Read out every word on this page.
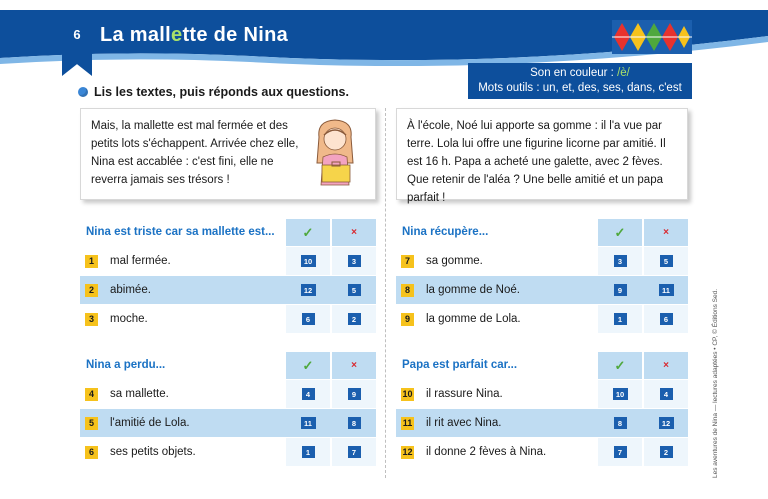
6 La mallette de Nina
Son en couleur : /è/
Mots outils : un, et, des, ses, dans, c'est
Lis les textes, puis réponds aux questions.
Mais, la mallette est mal fermée et des petits lots s'échappent. Arrivée chez elle, Nina est accablée : c'est fini, elle ne reverra jamais ses trésors !
À l'école, Noé lui apporte sa gomme : il l'a vue par terre. Lola lui offre une figurine licorne par amitié. Il est 16 h. Papa a acheté une galette, avec 2 fèves. Que retenir de l'aléa ? Une belle amitié et un papa parfait !
Nina est triste car sa mallette est...	✓	×
1	mal fermée.	10	3
2	abimée.	12	5
3	moche.	6	2
Nina récupère...	✓	×
7	sa gomme.	3	5
8	la gomme de Noé.	9	11
9	la gomme de Lola.	1	6
Nina a perdu...	✓	×
4	sa mallette.	4	9
5	l'amitié de Lola.	11	8
6	ses petits objets.	1	7
Papa est parfait car...	✓	×
10	il rassure Nina.	10	4
11	il rit avec Nina.	8	12
12	il donne 2 fèves à Nina.	7	2	Les aventures de Nina — lectures adaptées • CP, © Éditions Sed.
